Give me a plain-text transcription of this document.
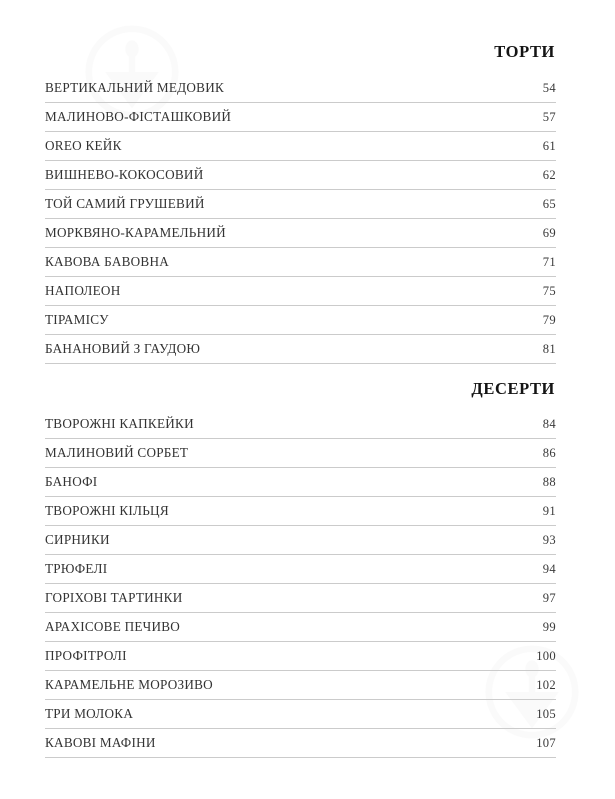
ТОРТИ
ВЕРТИКАЛЬНИЙ МЕДОВИК	54
МАЛИНОВО-ФІСТАШКОВИЙ	57
OREO КЕЙК	61
ВИШНЕВО-КОКОСОВИЙ	62
ТОЙ САМИЙ ГРУШЕВИЙ	65
МОРКВЯНО-КАРАМЕЛЬНИЙ	69
КАВОВА БАВОВНА	71
НАПОЛЕОН	75
ТІРАМІСУ	79
БАНАНОВИЙ З ГАУДОЮ	81
ДЕСЕРТИ
ТВОРОЖНІ КАПКЕЙКИ	84
МАЛИНОВИЙ СОРБЕТ	86
БАНОФІ	88
ТВОРОЖНІ КІЛЬЦЯ	91
СИРНИКИ	93
ТРЮФЕЛІ	94
ГОРІХОВІ ТАРТИНКИ	97
АРАХІСОВЕ ПЕЧИВО	99
ПРОФІТРОЛІ	100
КАРАМЕЛЬНЕ МОРОЗИВО	102
ТРИ МОЛОКА	105
КАВОВІ МАФІНИ	107
